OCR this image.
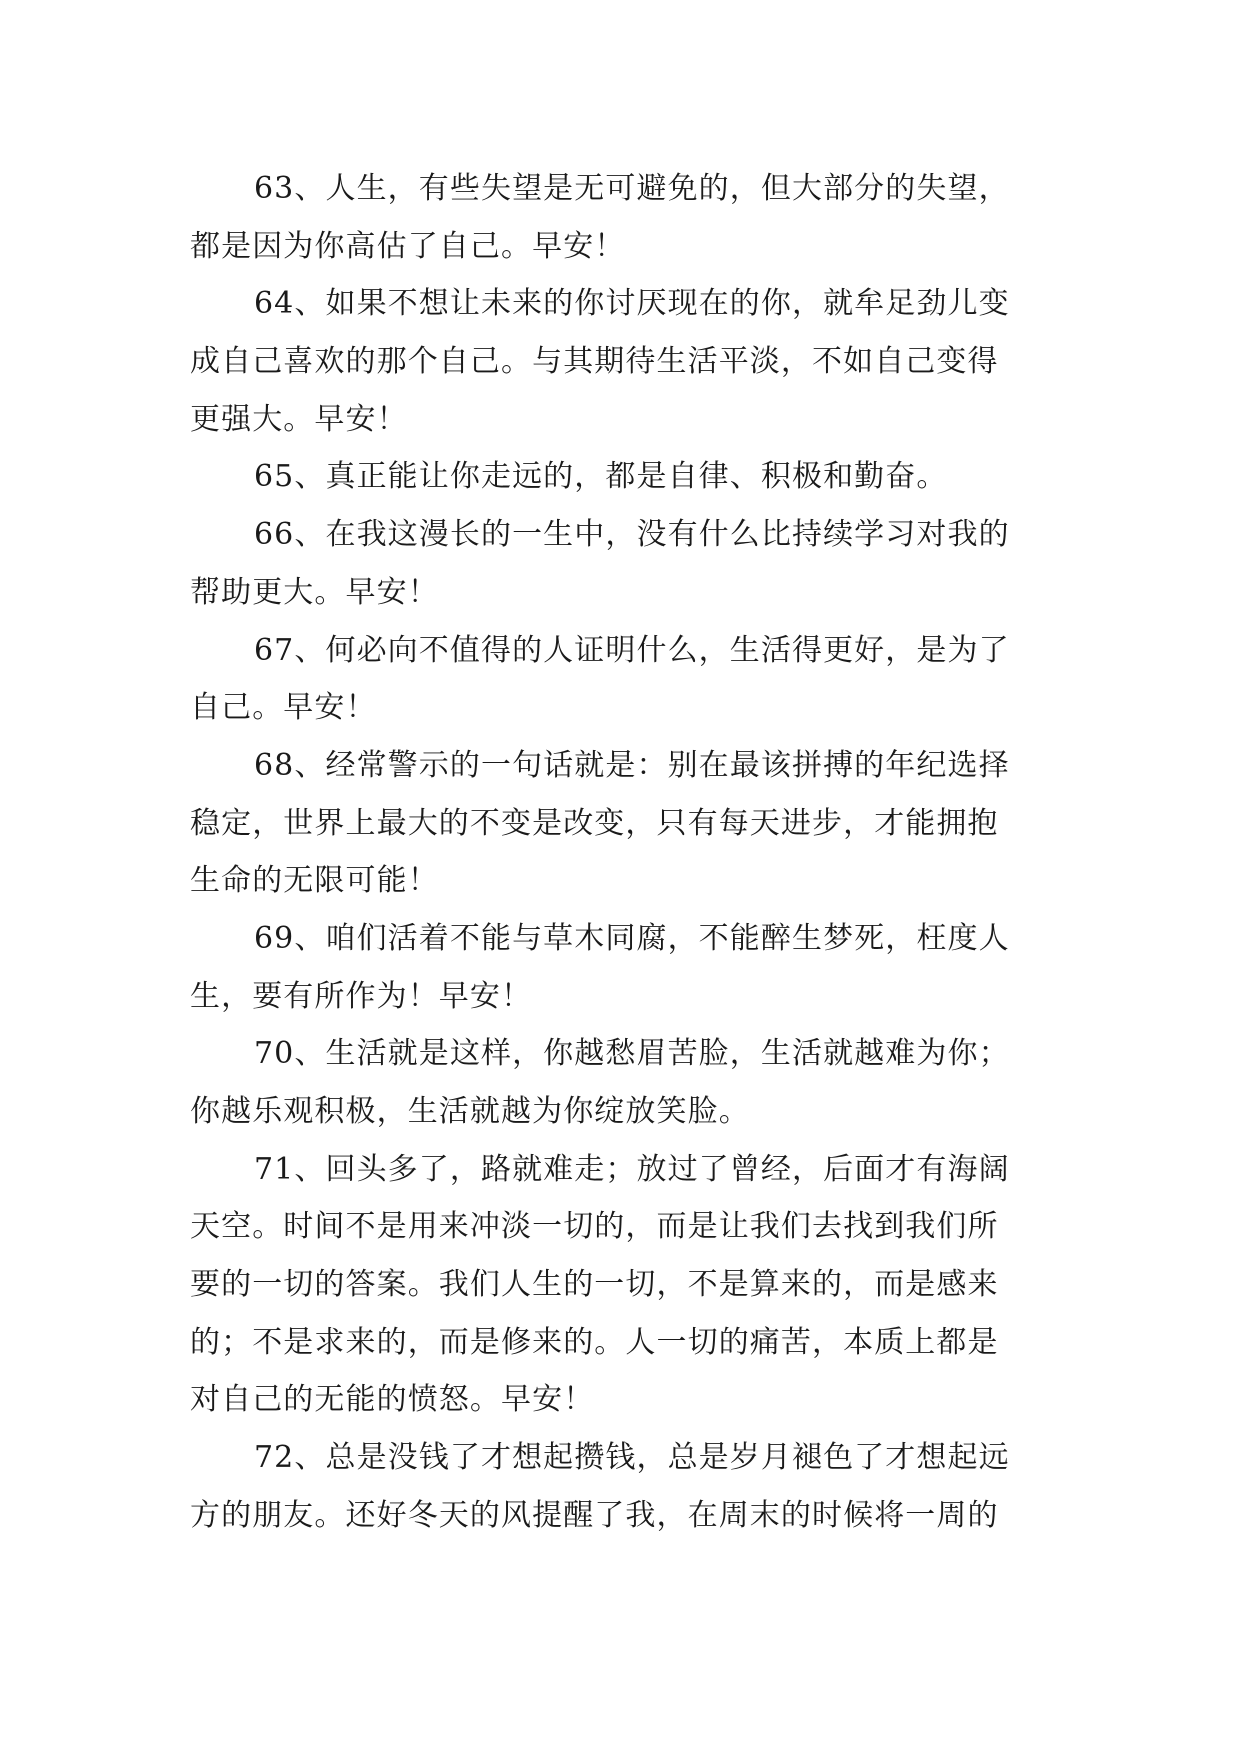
63、人生，有些失望是无可避免的，但大部分的失望，
都是因为你高估了自己。早安！
64、如果不想让未来的你讨厌现在的你，就牟足劲儿变
成自己喜欢的那个自己。与其期待生活平淡，不如自己变得
更强大。早安！
65、真正能让你走远的，都是自律、积极和勤奋。
66、在我这漫长的一生中，没有什么比持续学习对我的
帮助更大。早安！
67、何必向不值得的人证明什么，生活得更好，是为了
自己。早安！
68、经常警示的一句话就是：别在最该拼搏的年纪选择
稳定，世界上最大的不变是改变，只有每天进步，才能拥抱
生命的无限可能！
69、咱们活着不能与草木同腐，不能醉生梦死，枉度人
生，要有所作为！早安！
70、生活就是这样，你越愁眉苦脸，生活就越难为你；
你越乐观积极，生活就越为你绽放笑脸。
71、回头多了，路就难走；放过了曾经，后面才有海阔
天空。时间不是用来冲淡一切的，而是让我们去找到我们所
要的一切的答案。我们人生的一切，不是算来的，而是感来
的；不是求来的，而是修来的。人一切的痛苦，本质上都是
对自己的无能的愤怒。早安！
72、总是没钱了才想起攒钱，总是岁月褪色了才想起远
方的朋友。还好冬天的风提醒了我，在周末的时候将一周的
